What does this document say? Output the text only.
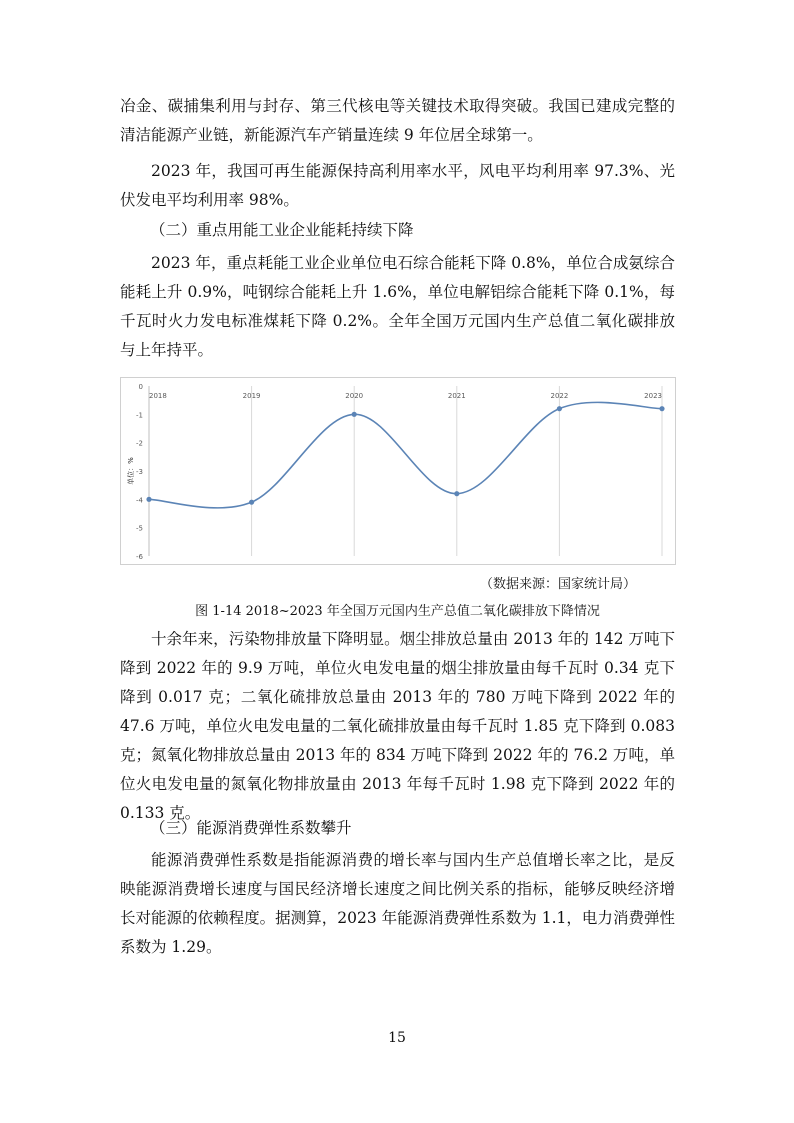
冶金、碳捕集利用与封存、第三代核电等关键技术取得突破。我国已建成完整的清洁能源产业链，新能源汽车产销量连续 9 年位居全球第一。

2023 年，我国可再生能源保持高利用率水平，风电平均利用率 97.3%、光伏发电平均利用率 98%。

（二）重点用能工业企业能耗持续下降

2023 年，重点耗能工业企业单位电石综合能耗下降 0.8%，单位合成氨综合能耗上升 0.9%，吨钢综合能耗上升 1.6%，单位电解铝综合能耗下降 0.1%，每千瓦时火力发电标准煤耗下降 0.2%。全年全国万元国内生产总值二氧化碳排放与上年持平。

0
-1
-2
-3
-4
-5
-6
2018	2019	2020	2021	2022	2023
单位：%
（数据来源：国家统计局）
图 1-14 2018~2023 年全国万元国内生产总值二氧化碳排放下降情况

十余年来，污染物排放量下降明显。烟尘排放总量由 2013 年的 142 万吨下降到 2022 年的 9.9 万吨，单位火电发电量的烟尘排放量由每千瓦时 0.34 克下降到 0.017 克；二氧化硫排放总量由 2013 年的 780 万吨下降到 2022 年的 47.6 万吨，单位火电发电量的二氧化硫排放量由每千瓦时 1.85 克下降到 0.083 克；氮氧化物排放总量由 2013 年的 834 万吨下降到 2022 年的 76.2 万吨，单位火电发电量的氮氧化物排放量由 2013 年每千瓦时 1.98 克下降到 2022 年的 0.133 克。

（三）能源消费弹性系数攀升

能源消费弹性系数是指能源消费的增长率与国内生产总值增长率之比，是反映能源消费增长速度与国民经济增长速度之间比例关系的指标，能够反映经济增长对能源的依赖程度。据测算，2023 年能源消费弹性系数为 1.1，电力消费弹性系数为 1.29。

15
